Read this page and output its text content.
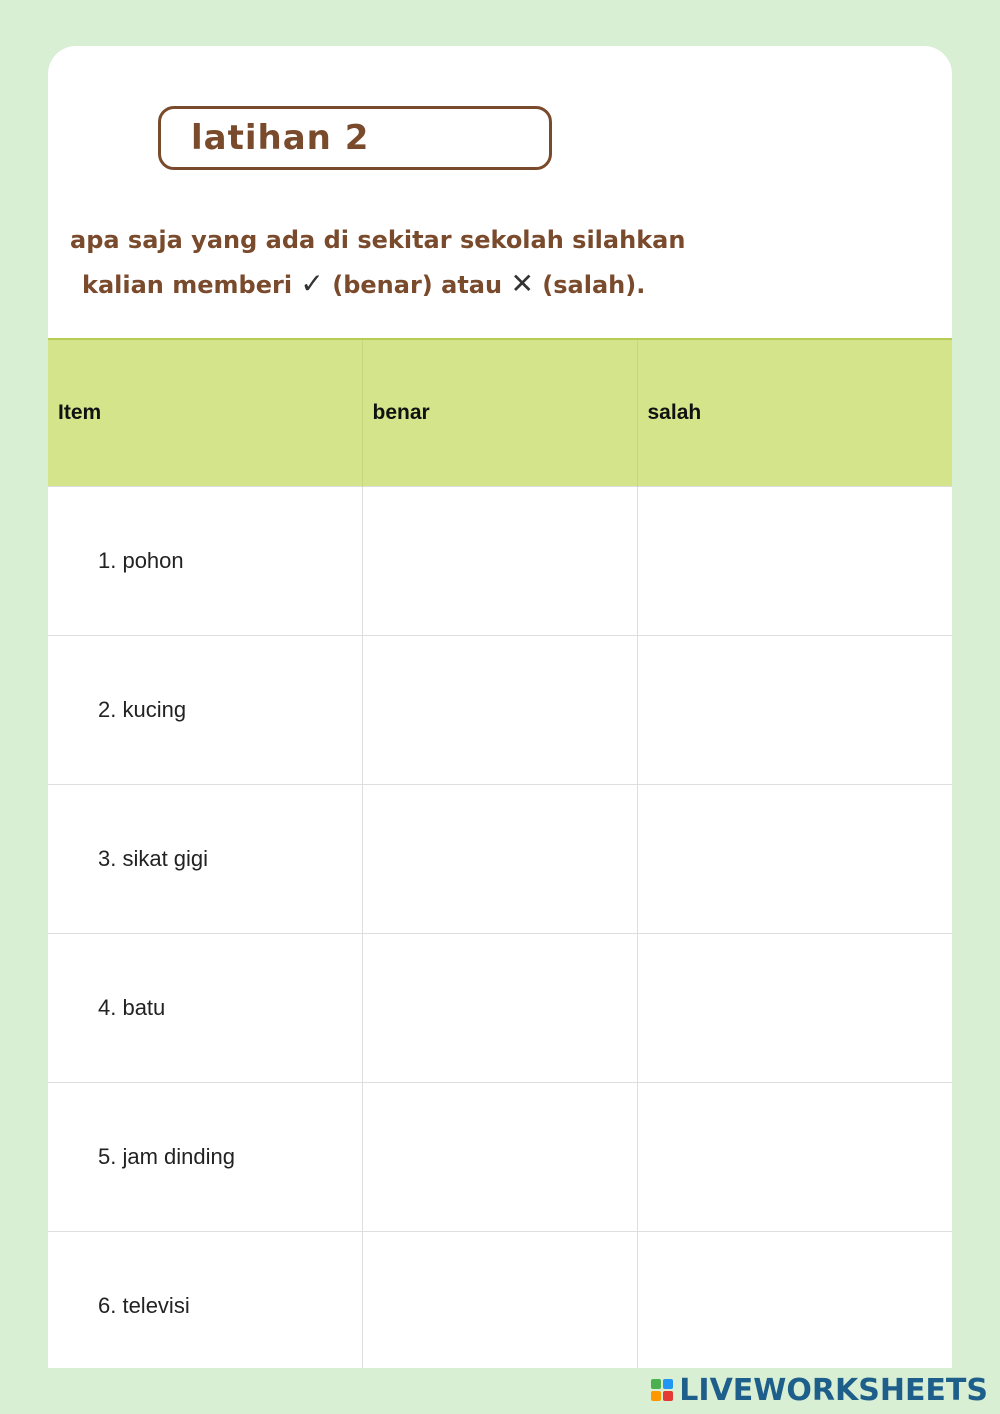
latihan 2
apa saja yang ada di sekitar sekolah silahkan
kalian memberi ✓ (benar) atau ✕ (salah).
Item	benar	salah
1. pohon		
2. kucing		
3. sikat gigi		
4. batu		
5. jam dinding		
6. televisi		
LIVEWORKSHEETS
